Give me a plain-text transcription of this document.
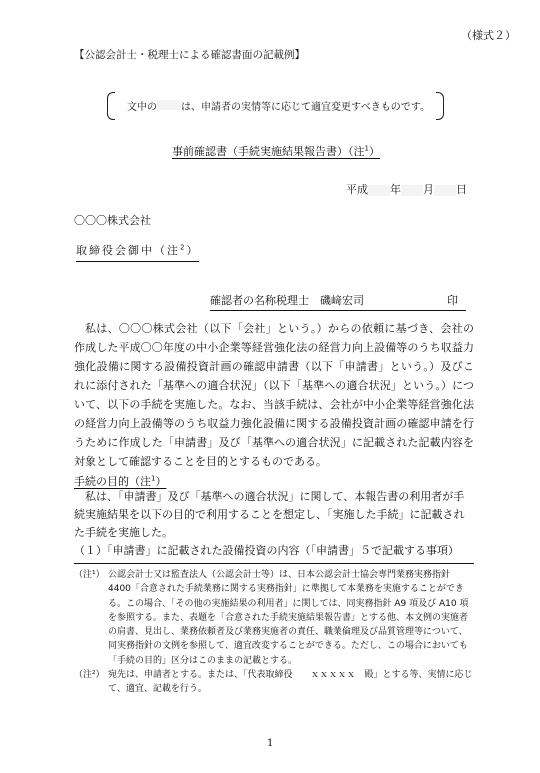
（様式２）
【公認会計士・税理士による確認書面の記載例】
文中の は、申請者の実情等に応じて適宜変更すべきものです。
事前確認書（手続実施結果報告書）（注$^1$）
平成 年 月 日
〇〇〇株式会社
取締役会御中（注$^2$）
確認者の名称税理士　磯﨑宏司	印

私は、〇〇〇株式会社（以下「会社」という。）からの依頼に基づき、会社の作成した平成〇〇年度の中小企業等経営強化法の経営力向上設備等のうち収益力強化設備に関する設備投資計画の確認申請書（以下「申請書」という。）及びこれに添付された「基準への適合状況」（以下「基準への適合状況」という。）について、以下の手続を実施した。なお、当該手続は、会社が中小企業等経営強化法の経営力向上設備等のうち収益力強化設備に関する設備投資計画の確認申請を行うために作成した「申請書」及び「基準への適合状況」に記載された記載内容を対象として確認することを目的とするものである。

手続の目的（注$^1$）

私は、「申請書」及び「基準への適合状況」に関して、本報告書の利用者が手続実施結果を以下の目的で利用することを想定し、「実施した手続」に記載された手続を実施した。

（１）「申請書」に記載された設備投資の内容（「申請書」５で記載する事項）

（注¹） 公認会計士又は監査法人（公認会計士等）は、日本公認会計士協会専門業務実務指針 4400「合意された手続業務に関する実務指針」に準拠して本業務を実施することができる。この場合、「その他の実施結果の利用者」に関しては、同実務指針 A9 項及び A10 項を参照する。また、表題を「合意された手続実施結果報告書」とする他、本文例の実施者の肩書、見出し、業務依頼者及び業務実施者の責任、職業倫理及び品質管理等について、同実務指針の文例を参照して、適宜改変することができる。ただし、この場合においても「手続の目的」区分はこのままの記載とする。
（注²） 宛先は、申請者とする。または、「代表取締役　　ｘｘｘｘｘ　殿」とする等、実情に応じて、適宜、記載を行う。
1
